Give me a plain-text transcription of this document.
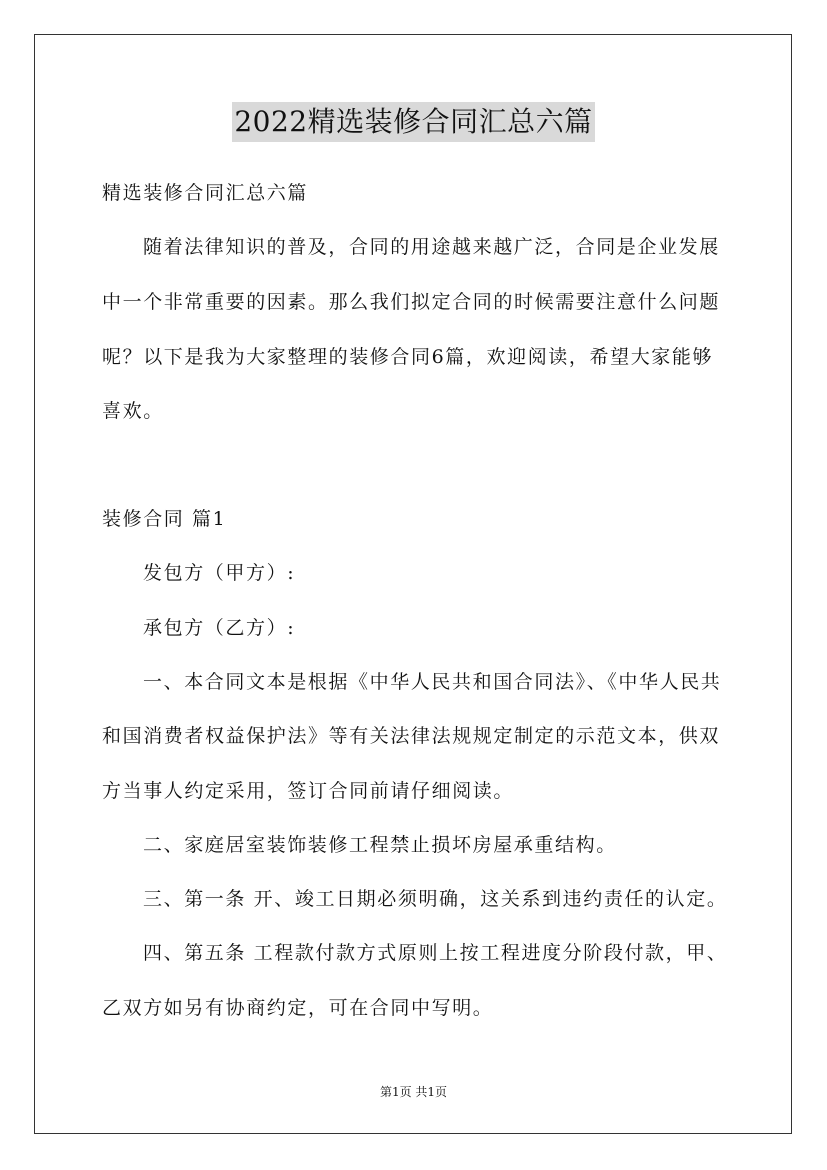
2022精选装修合同汇总六篇
精选装修合同汇总六篇
随着法律知识的普及，合同的用途越来越广泛，合同是企业发展
中一个非常重要的因素。那么我们拟定合同的时候需要注意什么问题
呢？以下是我为大家整理的装修合同6篇，欢迎阅读，希望大家能够
喜欢。
装修合同 篇1
发包方（甲方）:
承包方（乙方）:
一、本合同文本是根据《中华人民共和国合同法》、《中华人民共
和国消费者权益保护法》等有关法律法规规定制定的示范文本，供双
方当事人约定采用，签订合同前请仔细阅读。
二、家庭居室装饰装修工程禁止损坏房屋承重结构。
三、第一条 开、竣工日期必须明确，这关系到违约责任的认定。
四、第五条 工程款付款方式原则上按工程进度分阶段付款，甲、
乙双方如另有协商约定，可在合同中写明。
第1页 共1页
